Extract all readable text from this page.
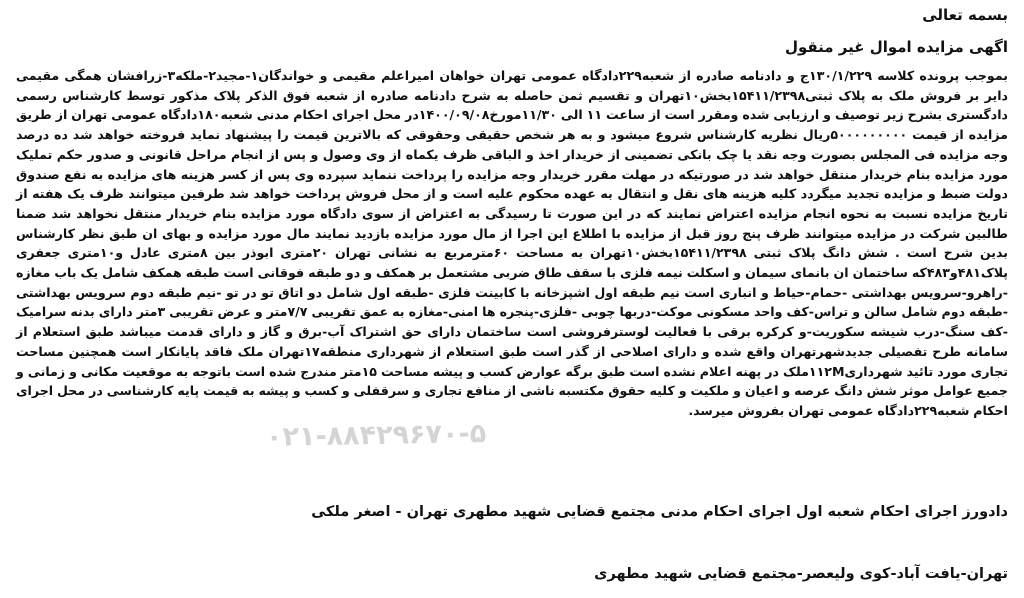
بسمه تعالی
اگهی مزایده اموال غیر منقول
بموجب پرونده کلاسه ۱۳۰/۱/۲۲۹ج و دادنامه صادره از شعبه۲۲۹دادگاه عمومی تهران خواهان امیراعلم مقیمی و خواندگان۱-مجید۲-ملکه۳-زرافشان همگی مقیمی دایر بر فروش ملک به پلاک ثبتی۱۵۴۱۱/۲۳۹۸بخش۱۰تهران و تقسیم ثمن حاصله به شرح دادنامه صادره از شعبه فوق الذکر پلاک مذکور توسط کارشناس رسمی دادگستری بشرح زیر توصیف و ارزیابی شده ومقرر است از ساعت ۱۱ الی ۱۱/۳۰مورخ۱۴۰۰/۰۹/۰۸در محل اجرای احکام مدنی شعبه۱۸۰دادگاه عمومی تهران از طریق مزایده از قیمت ۵۰۰۰۰۰۰۰۰۰ریال نظریه کارشناس شروع میشود و به هر شخص حقیقی وحقوقی که بالاترین قیمت را پیشنهاد نماید فروخته خواهد شد ده درصد وجه مزایده فی المجلس بصورت وجه نقد یا چک بانکی تضمینی از خریدار اخذ و الباقی ظرف یکماه از وی وصول و پس از انجام مراحل قانونی و صدور حکم تملیک مورد مزایده بنام خریدار منتقل خواهد شد در صورتیکه در مهلت مقرر خریدار وجه مزایده را پرداخت ننماید سپرده وی پس از کسر هزینه های مزایده به نفع صندوق دولت ضبط و مزایده تجدید میگردد کلیه هزینه های نقل و انتقال به عهده محکوم علیه است و از محل فروش پرداخت خواهد شد طرفین میتوانند ظرف یک هفته از تاریخ مزایده نسبت به نحوه انجام مزایده اعتراض نمایند که در این صورت تا رسیدگی به اعتراض از سوی دادگاه مورد مزایده بنام خریدار منتقل نخواهد شد ضمنا طالبین شرکت در مزایده میتوانند ظرف پنج روز قبل از مزایده با اطلاع این اجرا از مال مورد مزایده بازدید نمایند مال مورد مزایده و بهای ان طبق نظر کارشناس بدین شرح است . شش دانگ پلاک ثبتی ۱۵۴۱۱/۲۳۹۸بخش۱۰تهران به مساحت ۶۰مترمربع به نشانی تهران ۲۰متری ابوذر بین ۸متری عادل و۱۰متری جعفری پلاک۴۸۱و۴۸۳که ساختمان ان بانمای سیمان و اسکلت نیمه فلزی با سقف طاق ضربی مشتعمل بر همکف و دو طبقه فوقانی است طبقه همکف شامل یک باب مغازه -راهرو-سرویس بهداشتی -حمام-حیاط و انباری است نیم طبقه اول اشپزخانه با کابینت فلزی -طبقه اول شامل دو اتاق تو در تو -نیم طبقه دوم سرویس بهداشتی -طبقه دوم شامل سالن و تراس-کف واحد مسکونی موکت-دربها چوبی -فلزی-پنجره ها امنی-مغازه به عمق تقریبی ۷/۷متر و عرض تقریبی ۳متر دارای بدنه سرامیک -کف سنگ-درب شیشه سکوریت-و کرکره برقی با فعالیت لوسترفروشی است ساختمان دارای حق اشتراک آب-برق و گاز و دارای قدمت میباشد طبق استعلام از سامانه طرح تفصیلی جدیدشهرتهران واقع شده و دارای اصلاحی از گذر است طبق استعلام از شهرداری منطقه۱۷تهران ملک فاقد پایانکار است همچنین مساحت تجاری مورد تائید شهرداری۱۱۲Mملک در پهنه اعلام نشده است طبق برگه عوارض کسب و پیشه مساحت ۱۵متر مندرج شده است باتوجه به موقعیت مکانی و زمانی و جمیع عوامل موثر شش دانگ عرصه و اعیان و ملکیت و کلیه حقوق مکتسبه ناشی از منافع تجاری و سرقفلی و کسب و پیشه به قیمت پایه کارشناسی در محل اجرای احکام شعبه۲۲۹دادگاه عمومی تهران بفروش میرسد.
۰۲۱-۸۸۴۲۹۶۷۰-۵
دادورز اجرای احکام شعبه اول اجرای احکام مدنی مجتمع قضایی شهید مطهری تهران - اصغر ملکی
تهران-یافت آباد-کوی ولیعصر-مجتمع قضایی شهید مطهری
